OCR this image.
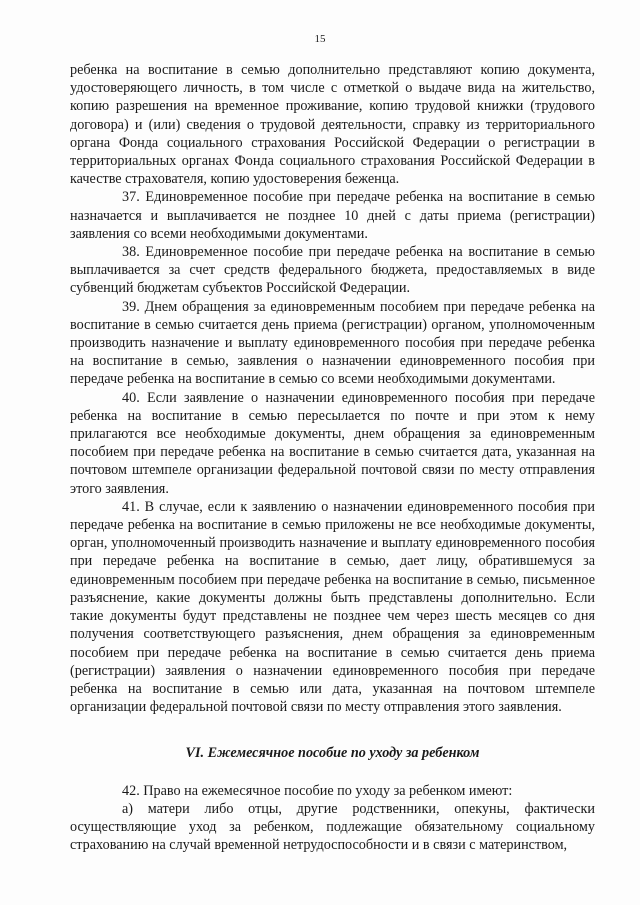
15

ребенка на воспитание в семью дополнительно представляют копию документа, удостоверяющего личность, в том числе с отметкой о выдаче вида на жительство, копию разрешения на временное проживание, копию трудовой книжки (трудового договора) и (или) сведения о трудовой деятельности, справку из территориального органа Фонда социального страхования Российской Федерации о регистрации в территориальных органах Фонда социального страхования Российской Федерации в качестве страхователя, копию удостоверения беженца.

37. Единовременное пособие при передаче ребенка на воспитание в семью назначается и выплачивается не позднее 10 дней с даты приема (регистрации) заявления со всеми необходимыми документами.

38. Единовременное пособие при передаче ребенка на воспитание в семью выплачивается за счет средств федерального бюджета, предоставляемых в виде субвенций бюджетам субъектов Российской Федерации.

39. Днем обращения за единовременным пособием при передаче ребенка на воспитание в семью считается день приема (регистрации) органом, уполномоченным производить назначение и выплату единовременного пособия при передаче ребенка на воспитание в семью, заявления о назначении единовременного пособия при передаче ребенка на воспитание в семью со всеми необходимыми документами.

40. Если заявление о назначении единовременного пособия при передаче ребенка на воспитание в семью пересылается по почте и при этом к нему прилагаются все необходимые документы, днем обращения за единовременным пособием при передаче ребенка на воспитание в семью считается дата, указанная на почтовом штемпеле организации федеральной почтовой связи по месту отправления этого заявления.

41. В случае, если к заявлению о назначении единовременного пособия при передаче ребенка на воспитание в семью приложены не все необходимые документы, орган, уполномоченный производить назначение и выплату единовременного пособия при передаче ребенка на воспитание в семью, дает лицу, обратившемуся за единовременным пособием при передаче ребенка на воспитание в семью, письменное разъяснение, какие документы должны быть представлены дополнительно. Если такие документы будут представлены не позднее чем через шесть месяцев со дня получения соответствующего разъяснения, днем обращения за единовременным пособием при передаче ребенка на воспитание в семью считается день приема (регистрации) заявления о назначении единовременного пособия при передаче ребенка на воспитание в семью или дата, указанная на почтовом штемпеле организации федеральной почтовой связи по месту отправления этого заявления.

VI. Ежемесячное пособие по уходу за ребенком

42. Право на ежемесячное пособие по уходу за ребенком имеют:

а) матери либо отцы, другие родственники, опекуны, фактически осуществляющие уход за ребенком, подлежащие обязательному социальному страхованию на случай временной нетрудоспособности и в связи с материнством,
